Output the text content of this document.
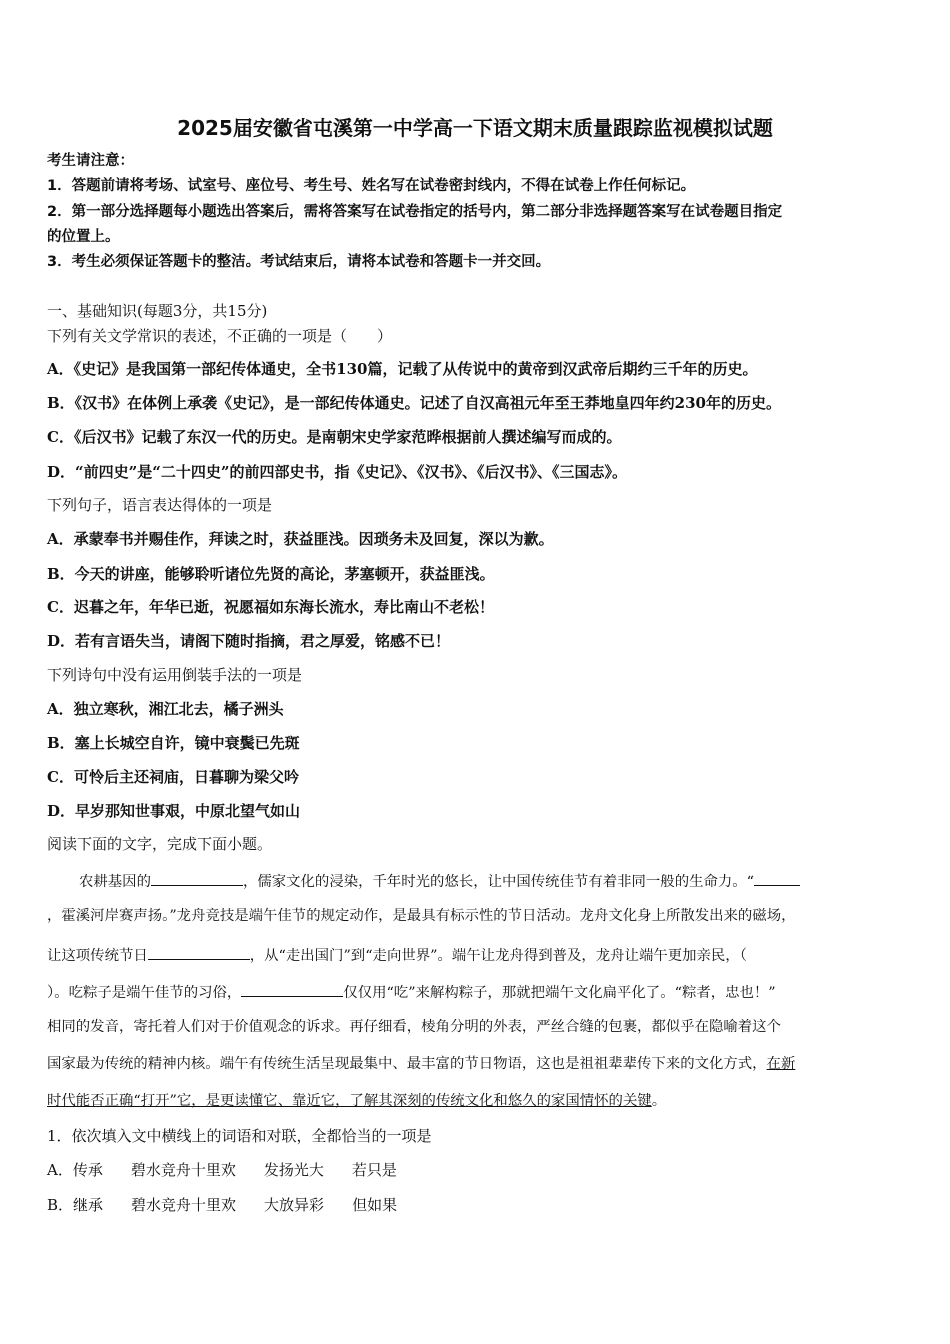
2025届安徽省屯溪第一中学高一下语文期末质量跟踪监视模拟试题
考生请注意：
1．答题前请将考场、试室号、座位号、考生号、姓名写在试卷密封线内，不得在试卷上作任何标记。
2．第一部分选择题每小题选出答案后，需将答案写在试卷指定的括号内，第二部分非选择题答案写在试卷题目指定
的位置上。
3．考生必须保证答题卡的整洁。考试结束后，请将本试卷和答题卡一并交回。
一、基础知识(每题3分，共15分)
下列有关文学常识的表述，不正确的一项是（　　）
A．《史记》是我国第一部纪传体通史，全书130篇，记载了从传说中的黄帝到汉武帝后期约三千年的历史。
B．《汉书》在体例上承袭《史记》，是一部纪传体通史。记述了自汉高祖元年至王莽地皇四年约230年的历史。
C．《后汉书》记载了东汉一代的历史。是南朝宋史学家范晔根据前人撰述编写而成的。
D．“前四史”是“二十四史”的前四部史书，指《史记》、《汉书》、《后汉书》、《三国志》。
下列句子，语言表达得体的一项是
A．承蒙奉书并赐佳作，拜读之时，获益匪浅。因琐务未及回复，深以为歉。
B．今天的讲座，能够聆听诸位先贤的高论，茅塞顿开，获益匪浅。
C．迟暮之年，年华已逝，祝愿福如东海长流水，寿比南山不老松！
D．若有言语失当，请阁下随时指摘，君之厚爱，铭感不已！
下列诗句中没有运用倒装手法的一项是
A．独立寒秋，湘江北去，橘子洲头
B．塞上长城空自许，镜中衰鬓已先斑
C．可怜后主还祠庙，日暮聊为梁父吟
D．早岁那知世事艰，中原北望气如山
阅读下面的文字，完成下面小题。
农耕基因的	，儒家文化的浸染，千年时光的悠长，让中国传统佳节有着非同一般的生命力。“
，霍溪河岸赛声扬。”龙舟竞技是端午佳节的规定动作，是最具有标示性的节日活动。龙舟文化身上所散发出来的磁场，
让这项传统节日	，从“走出国门”到“走向世界”。端午让龙舟得到普及，龙舟让端午更加亲民，（
）。吃粽子是端午佳节的习俗，	仅仅用“吃”来解构粽子，那就把端午文化扁平化了。“粽者，忠也！”
相同的发音，寄托着人们对于价值观念的诉求。再仔细看，棱角分明的外表，严丝合缝的包裹，都似乎在隐喻着这个
国家最为传统的精神内核。端午有传统生活呈现最集中、最丰富的节日物语，这也是祖祖辈辈传下来的文化方式，在新
时代能否正确“打开”它，是更读懂它、靠近它，了解其深刻的传统文化和悠久的家国情怀的关键。
1．依次填入文中横线上的词语和对联，全都恰当的一项是
A．传承 碧水竞舟十里欢 发扬光大 若只是
B．继承 碧水竞舟十里欢 大放异彩 但如果
